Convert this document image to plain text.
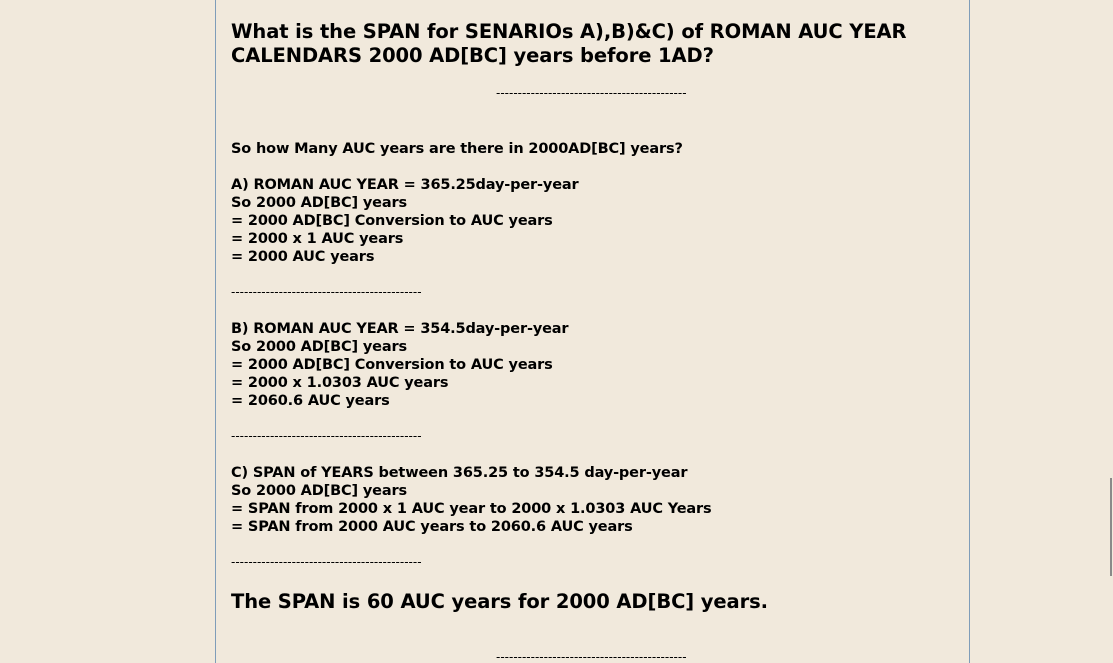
What is the SPAN for SENARIOs A),B)&C) of ROMAN AUC YEAR
CALENDARS 2000 AD[BC] years before 1AD?
--------------------------------------------
So how Many AUC years are there in 2000AD[BC] years?
A) ROMAN AUC YEAR = 365.25day-per-year
So 2000 AD[BC] years
= 2000 AD[BC] Conversion to AUC years
= 2000 x 1 AUC years
= 2000 AUC years
--------------------------------------------
B) ROMAN AUC YEAR = 354.5day-per-year
So 2000 AD[BC] years
= 2000 AD[BC] Conversion to AUC years
= 2000 x 1.0303 AUC years
= 2060.6 AUC years
--------------------------------------------
C) SPAN of YEARS between 365.25 to 354.5 day-per-year
So 2000 AD[BC] years
= SPAN from 2000 x 1 AUC year to 2000 x 1.0303 AUC Years
= SPAN from 2000 AUC years to 2060.6 AUC years
--------------------------------------------
The SPAN is 60 AUC years for 2000 AD[BC] years.
--------------------------------------------
